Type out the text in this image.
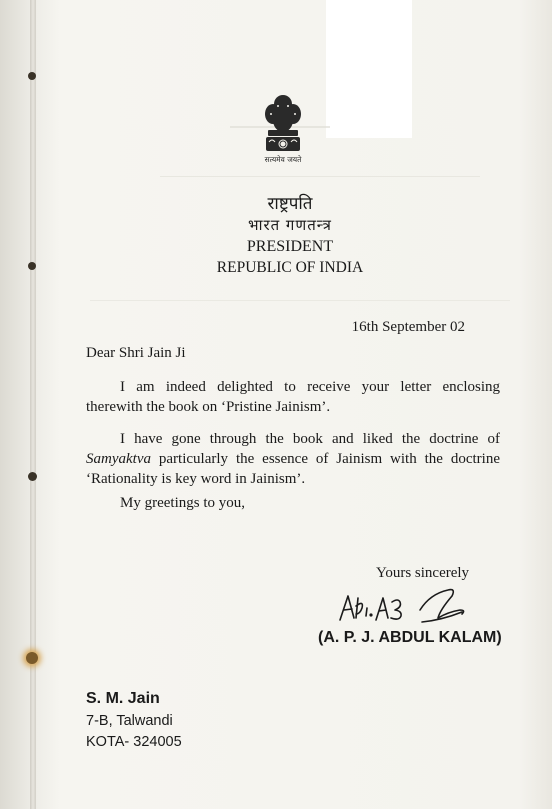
सत्यमेव जयते
राष्ट्रपति
भारत गणतन्त्र
PRESIDENT
REPUBLIC OF INDIA
16th September 02
Dear Shri Jain Ji
I am indeed delighted to receive your letter enclosing therewith the book on ‘Pristine Jainism’.
I have gone through the book and liked the doctrine of Samyaktva particularly the essence of Jainism with the doctrine ‘Rationality is key word in Jainism’.
My greetings to you,
Yours sincerely
(A. P. J. ABDUL KALAM)
S. M. Jain
7-B, Talwandi
KOTA- 324005
